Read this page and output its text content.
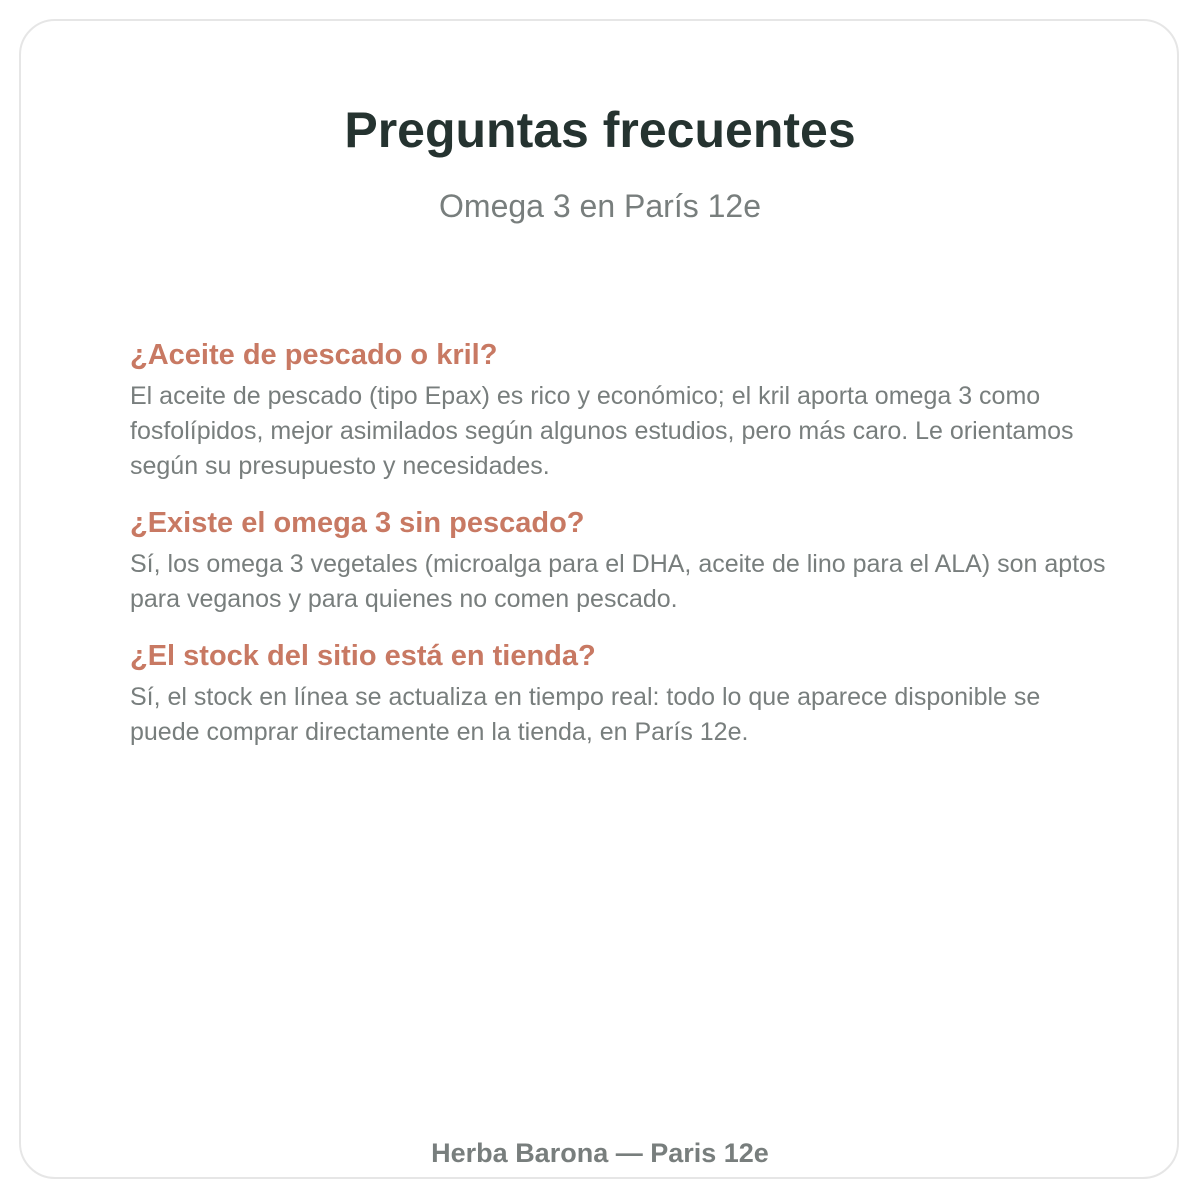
Preguntas frecuentes

Omega 3 en París 12e

¿Aceite de pescado o kril?

El aceite de pescado (tipo Epax) es rico y económico; el kril aporta omega 3 como fosfolípidos, mejor asimilados según algunos estudios, pero más caro. Le orientamos según su presupuesto y necesidades.

¿Existe el omega 3 sin pescado?

Sí, los omega 3 vegetales (microalga para el DHA, aceite de lino para el ALA) son aptos para veganos y para quienes no comen pescado.

¿El stock del sitio está en tienda?

Sí, el stock en línea se actualiza en tiempo real: todo lo que aparece disponible se puede comprar directamente en la tienda, en París 12e.

Herba Barona — Paris 12e
